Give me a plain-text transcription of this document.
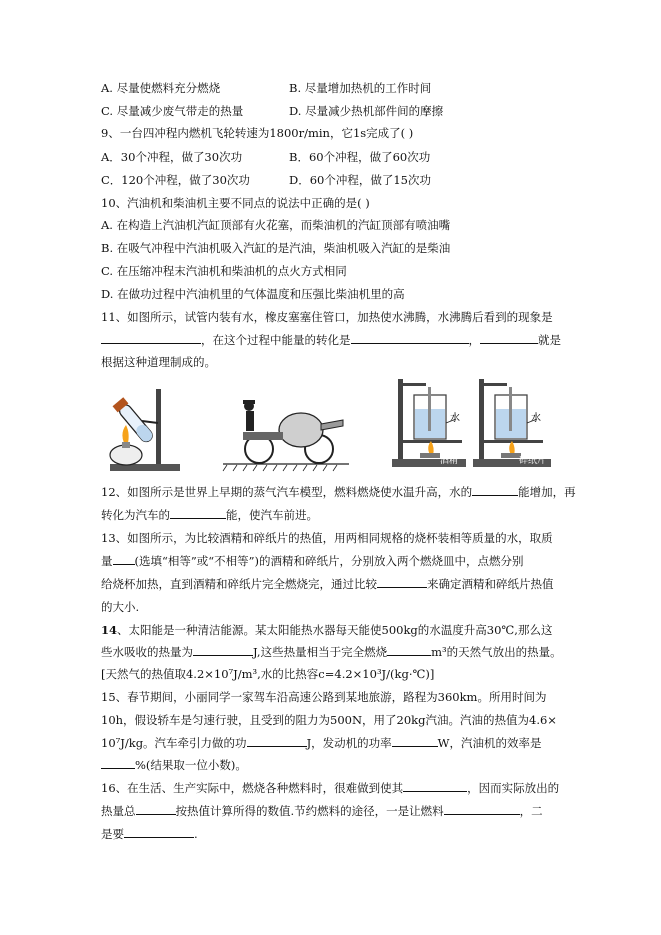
A. 尽量使燃料充分燃烧	B. 尽量增加热机的工作时间
C. 尽量减少废气带走的热量	D. 尽量减少热机部件间的摩擦
9、一台四冲程内燃机飞轮转速为1800r/min，它1s完成了( )
A．30个冲程，做了30次功	B．60个冲程，做了60次功
C．120个冲程，做了30次功	D．60个冲程，做了15次功
10、汽油机和柴油机主要不同点的说法中正确的是( )
A. 在构造上汽油机汽缸顶部有火花塞，而柴油机的汽缸顶部有喷油嘴
B. 在吸气冲程中汽油机吸入汽缸的是汽油，柴油机吸入汽缸的是柴油
C. 在压缩冲程末汽油机和柴油机的点火方式相同
D. 在做功过程中汽油机里的气体温度和压强比柴油机里的高
11、如图所示，试管内装有水，橡皮塞塞住管口，加热使水沸腾，水沸腾后看到的现象是
，在这个过程中能量的转化是	，	就是
根据这种道理制成的。
水
酒精
水
碎纸片
12、如图所示是世界上早期的蒸气汽车模型，燃料燃烧使水温升高，水的	能增加，再
转化为汽车的	能，使汽车前进。
13、如图所示，为比较酒精和碎纸片的热值，用两相同规格的烧杯装相等质量的水，取质
量 (选填“相等”或“不相等”)的酒精和碎纸片，分别放入两个燃烧皿中，点燃分别
给烧杯加热，直到酒精和碎纸片完全燃烧完，通过比较	来确定酒精和碎纸片热值
的大小.
14、太阳能是一种清洁能源。某太阳能热水器每天能使500kg的水温度升高30℃,那么这
些水吸收的热量为	J,这些热量相当于完全燃烧	m³的天然气放出的热量。
[天然气的热值取4.2×10⁷J/m³,水的比热容c=4.2×10³J/(kg·℃)]
15、春节期间，小丽同学一家驾车沿高速公路到某地旅游，路程为360km。所用时间为
10h，假设轿车是匀速行驶，且受到的阻力为500N，用了20kg汽油。汽油的热值为4.6×
10⁷J/kg。汽车牵引力做的功	J，发动机的功率	W，汽油机的效率是
%(结果取一位小数)。
16、在生活、生产实际中，燃烧各种燃料时，很难做到使其	，因而实际放出的
热量总	按热值计算所得的数值.节约燃料的途径，一是让燃料	，二
是要	.
